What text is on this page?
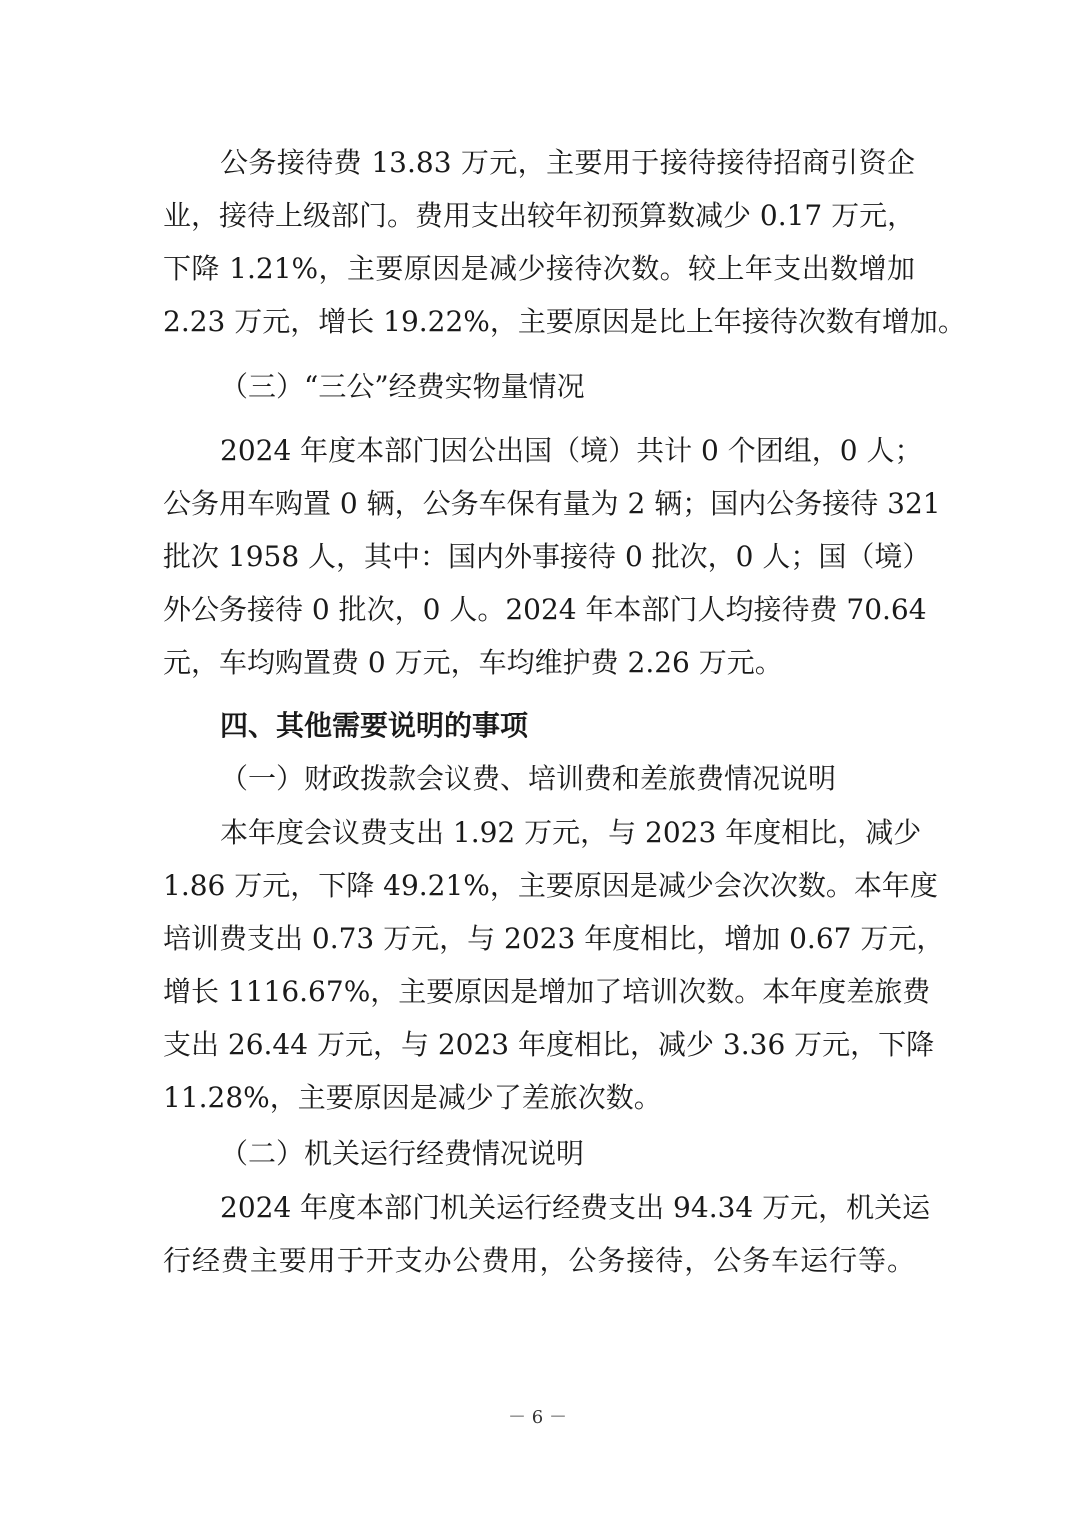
公务接待费 13.83 万元，主要用于接待接待招商引资企
业，接待上级部门。费用支出较年初预算数减少 0.17 万元，
下降 1.21%，主要原因是减少接待次数。较上年支出数增加
2.23 万元，增长 19.22%，主要原因是比上年接待次数有增加。
（三）“三公”经费实物量情况
2024 年度本部门因公出国（境）共计 0 个团组，0 人；
公务用车购置 0 辆，公务车保有量为 2 辆；国内公务接待 321
批次 1958 人，其中：国内外事接待 0 批次，0 人；国（境）
外公务接待 0 批次，0 人。2024 年本部门人均接待费 70.64
元，车均购置费 0 万元，车均维护费 2.26 万元。
四、其他需要说明的事项
（一）财政拨款会议费、培训费和差旅费情况说明
本年度会议费支出 1.92 万元，与 2023 年度相比，减少
1.86 万元，下降 49.21%，主要原因是减少会次次数。本年度
培训费支出 0.73 万元，与 2023 年度相比，增加 0.67 万元，
增长 1116.67%，主要原因是增加了培训次数。本年度差旅费
支出 26.44 万元，与 2023 年度相比，减少 3.36 万元，下降
11.28%，主要原因是减少了差旅次数。
（二）机关运行经费情况说明
2024 年度本部门机关运行经费支出 94.34 万元，机关运
行经费主要用于开支办公费用，公务接待，公务车运行等。
－ 6 －
